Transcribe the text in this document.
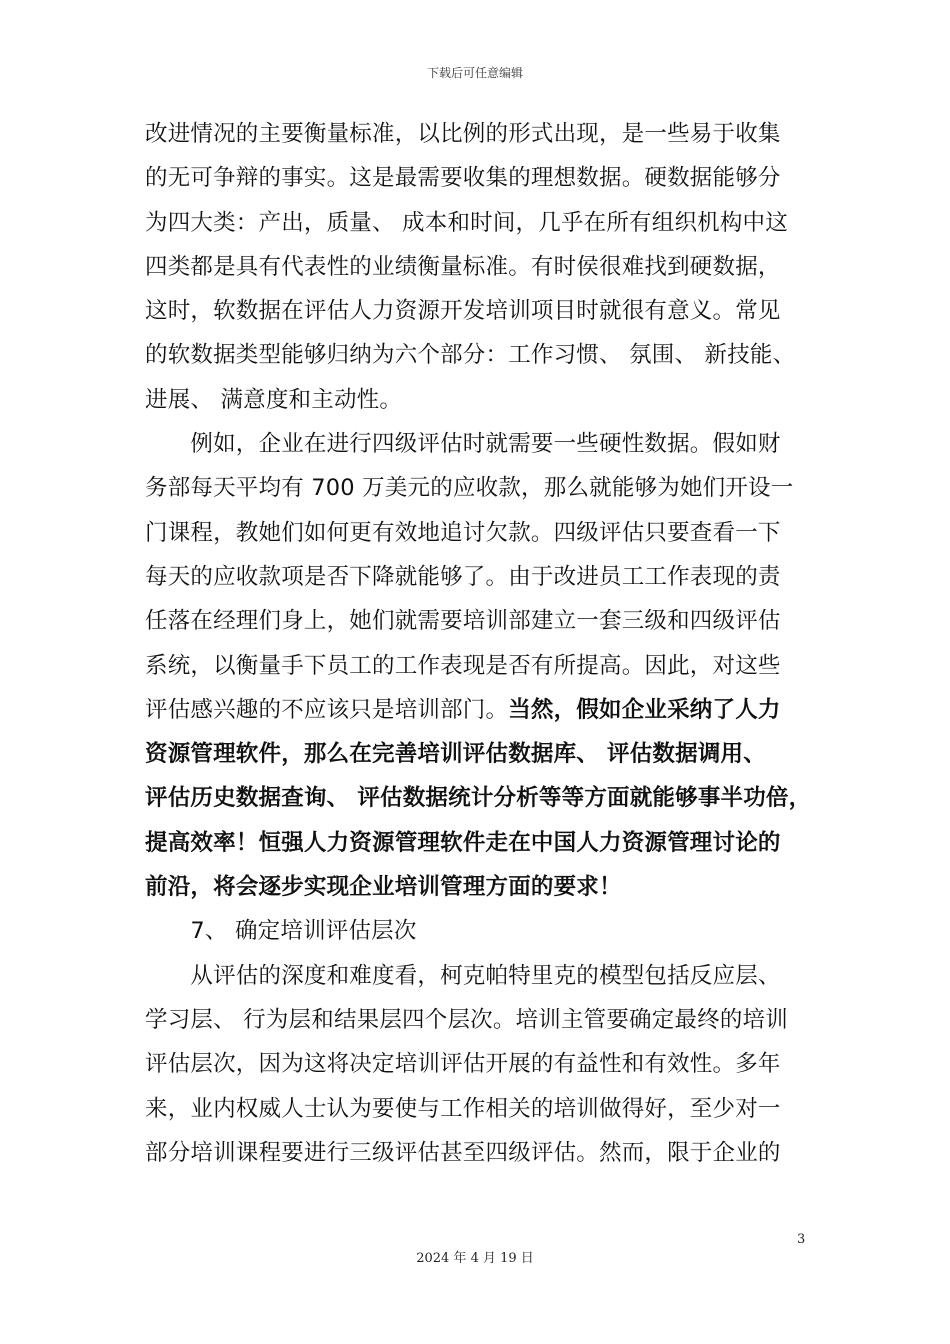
下载后可任意编辑
改进情况的主要衡量标准，以比例的形式出现，是一些易于收集
的无可争辩的事实。这是最需要收集的理想数据。硬数据能够分
为四大类：产出，质量、 成本和时间，几乎在所有组织机构中这
四类都是具有代表性的业绩衡量标准。有时侯很难找到硬数据，
这时，软数据在评估人力资源开发培训项目时就很有意义。常见
的软数据类型能够归纳为六个部分：工作习惯、 氛围、 新技能、
进展、 满意度和主动性。
　　例如，企业在进行四级评估时就需要一些硬性数据。假如财
务部每天平均有 700 万美元的应收款，那么就能够为她们开设一
门课程，教她们如何更有效地追讨欠款。四级评估只要查看一下
每天的应收款项是否下降就能够了。由于改进员工工作表现的责
任落在经理们身上，她们就需要培训部建立一套三级和四级评估
系统，以衡量手下员工的工作表现是否有所提高。因此，对这些
评估感兴趣的不应该只是培训部门。当然，假如企业采纳了人力
资源管理软件，那么在完善培训评估数据库、 评估数据调用、
评估历史数据查询、 评估数据统计分析等等方面就能够事半功倍，
提高效率！恒强人力资源管理软件走在中国人力资源管理讨论的
前沿，将会逐步实现企业培训管理方面的要求！
　　7、 确定培训评估层次
　　从评估的深度和难度看，柯克帕特里克的模型包括反应层、
学习层、 行为层和结果层四个层次。培训主管要确定最终的培训
评估层次，因为这将决定培训评估开展的有益性和有效性。多年
来，业内权威人士认为要使与工作相关的培训做得好，至少对一
部分培训课程要进行三级评估甚至四级评估。然而，限于企业的
3
2024 年 4 月 19 日
